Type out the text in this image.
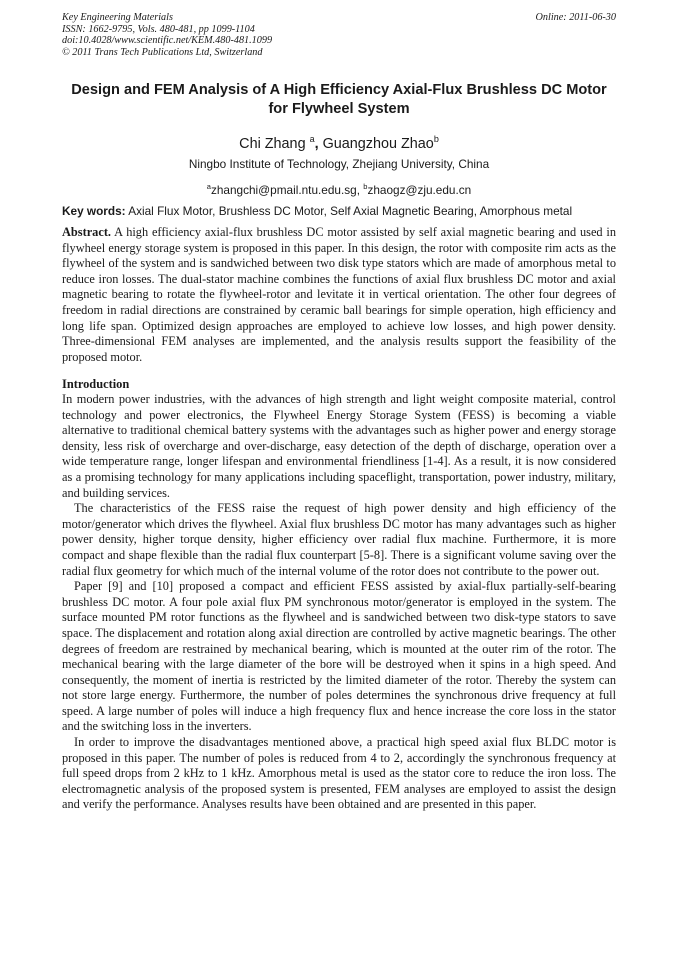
Key Engineering Materials
ISSN: 1662-9795, Vols. 480-481, pp 1099-1104
doi:10.4028/www.scientific.net/KEM.480-481.1099
© 2011 Trans Tech Publications Ltd, Switzerland
Online: 2011-06-30
Design and FEM Analysis of A High Efficiency Axial-Flux Brushless DC Motor for Flywheel System
Chi Zhang $^a$, Guangzhou Zhao$^b$
Ningbo Institute of Technology, Zhejiang University, China
$^a$zhangchi@pmail.ntu.edu.sg, $^b$zhaogz@zju.edu.cn
Key words: Axial Flux Motor, Brushless DC Motor, Self Axial Magnetic Bearing, Amorphous metal

Abstract. A high efficiency axial-flux brushless DC motor assisted by self axial magnetic bearing and used in flywheel energy storage system is proposed in this paper. In this design, the rotor with composite rim acts as the flywheel of the system and is sandwiched between two disk type stators which are made of amorphous metal to reduce iron losses. The dual-stator machine combines the functions of axial flux brushless DC motor and axial magnetic bearing to rotate the flywheel-rotor and levitate it in vertical orientation. The other four degrees of freedom in radial directions are constrained by ceramic ball bearings for simple operation, high efficiency and long life span. Optimized design approaches are employed to achieve low losses, and high power density. Three-dimensional FEM analyses are implemented, and the analysis results support the feasibility of the proposed motor.

Introduction

In modern power industries, with the advances of high strength and light weight composite material, control technology and power electronics, the Flywheel Energy Storage System (FESS) is becoming a viable alternative to traditional chemical battery systems with the advantages such as higher power and energy storage density, less risk of overcharge and over-discharge, easy detection of the depth of discharge, operation over a wide temperature range, longer lifespan and environmental friendliness [1-4]. As a result, it is now considered as a promising technology for many applications including spaceflight, transportation, power industry, military, and building services.

The characteristics of the FESS raise the request of high power density and high efficiency of the motor/generator which drives the flywheel. Axial flux brushless DC motor has many advantages such as higher power density, higher torque density, higher efficiency over radial flux machine. Furthermore, it is more compact and shape flexible than the radial flux counterpart [5-8]. There is a significant volume saving over the radial flux geometry for which much of the internal volume of the rotor does not contribute to the power out.

Paper [9] and [10] proposed a compact and efficient FESS assisted by axial-flux partially-self-bearing brushless DC motor. A four pole axial flux PM synchronous motor/generator is employed in the system. The surface mounted PM rotor functions as the flywheel and is sandwiched between two disk-type stators to save space. The displacement and rotation along axial direction are controlled by active magnetic bearings. The other degrees of freedom are restrained by mechanical bearing, which is mounted at the outer rim of the rotor. The mechanical bearing with the large diameter of the bore will be destroyed when it spins in a high speed. And consequently, the moment of inertia is restricted by the limited diameter of the rotor. Thereby the system can not store large energy. Furthermore, the number of poles determines the synchronous drive frequency at full speed. A large number of poles will induce a high frequency flux and hence increase the core loss in the stator and the switching loss in the inverters.

In order to improve the disadvantages mentioned above, a practical high speed axial flux BLDC motor is proposed in this paper. The number of poles is reduced from 4 to 2, accordingly the synchronous frequency at full speed drops from 2 kHz to 1 kHz. Amorphous metal is used as the stator core to reduce the iron loss. The electromagnetic analysis of the proposed system is presented, FEM analyses are employed to assist the design and verify the performance. Analyses results have been obtained and are presented in this paper.
